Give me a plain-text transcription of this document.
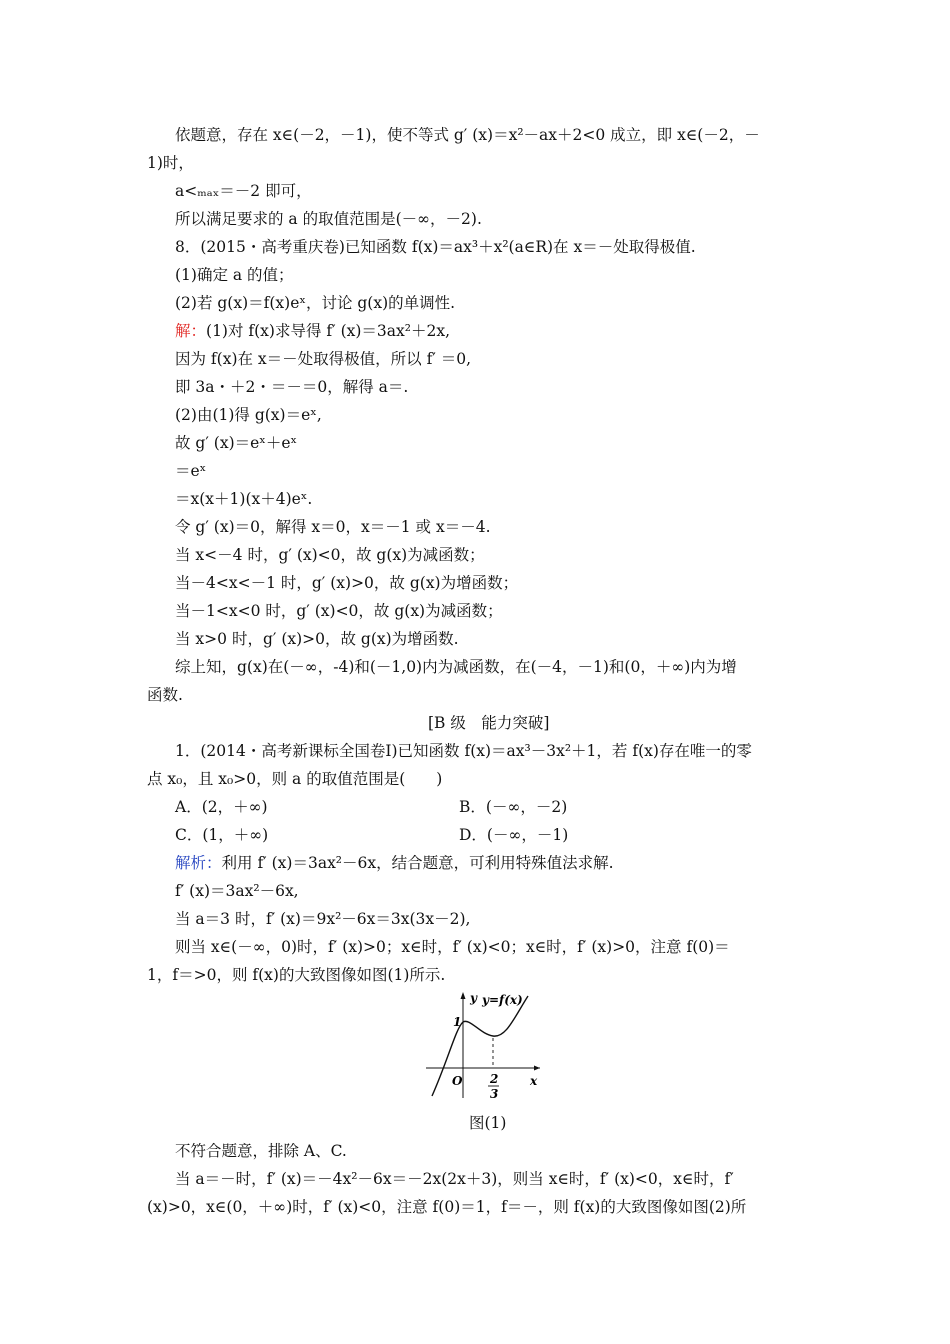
依题意，存在 x∈(－2，－1)，使不等式 g′ (x)＝x²－ax＋2<0 成立，即 x∈(－2，－
1)时，
a<ₘₐₓ＝－2 即可，
所以满足要求的 a 的取值范围是(－∞，－2).
8．(2015・高考重庆卷)已知函数 f(x)＝ax³＋x²(a∈R)在 x＝－处取得极值.
(1)确定 a 的值；
(2)若 g(x)＝f(x)eˣ，讨论 g(x)的单调性.
解：(1)对 f(x)求导得 f′ (x)＝3ax²＋2x,
因为 f(x)在 x＝－处取得极值，所以 f′ ＝0,
即 3a・＋2・＝－＝0，解得 a＝.
(2)由(1)得 g(x)＝eˣ,
故 g′ (x)＝eˣ＋eˣ
＝eˣ
＝x(x＋1)(x＋4)eˣ.
令 g′ (x)＝0，解得 x＝0，x＝－1 或 x＝－4.
当 x<－4 时，g′ (x)<0，故 g(x)为减函数；
当－4<x<－1 时，g′ (x)>0，故 g(x)为增函数；
当－1<x<0 时，g′ (x)<0，故 g(x)为减函数；
当 x>0 时，g′ (x)>0，故 g(x)为增函数.
综上知，g(x)在(－∞，-4)和(－1,0)内为减函数，在(－4，－1)和(0，＋∞)内为增
函数.
[B 级　能力突破]
1．(2014・高考新课标全国卷Ⅰ)已知函数 f(x)＝ax³－3x²＋1，若 f(x)存在唯一的零
点 x₀，且 x₀>0，则 a 的取值范围是(　　)
A．(2，＋∞)	B．(－∞，－2)
C．(1，＋∞)	D．(－∞，－1)
解析：利用 f′ (x)＝3ax²－6x，结合题意，可利用特殊值法求解.
f′ (x)＝3ax²－6x,
当 a＝3 时，f′ (x)＝9x²－6x＝3x(3x－2),
则当 x∈(－∞，0)时，f′ (x)>0；x∈时，f′ (x)<0；x∈时，f′ (x)>0，注意 f(0)＝
1，f＝>0，则 f(x)的大致图像如图(1)所示.
y=f(x)
y
x
O
1
2
3
图(1)
不符合题意，排除 A、C.
当 a＝－时，f′ (x)＝－4x²－6x＝－2x(2x＋3)，则当 x∈时，f′ (x)<0，x∈时，f′
(x)>0，x∈(0，＋∞)时，f′ (x)<0，注意 f(0)＝1，f＝－，则 f(x)的大致图像如图(2)所
